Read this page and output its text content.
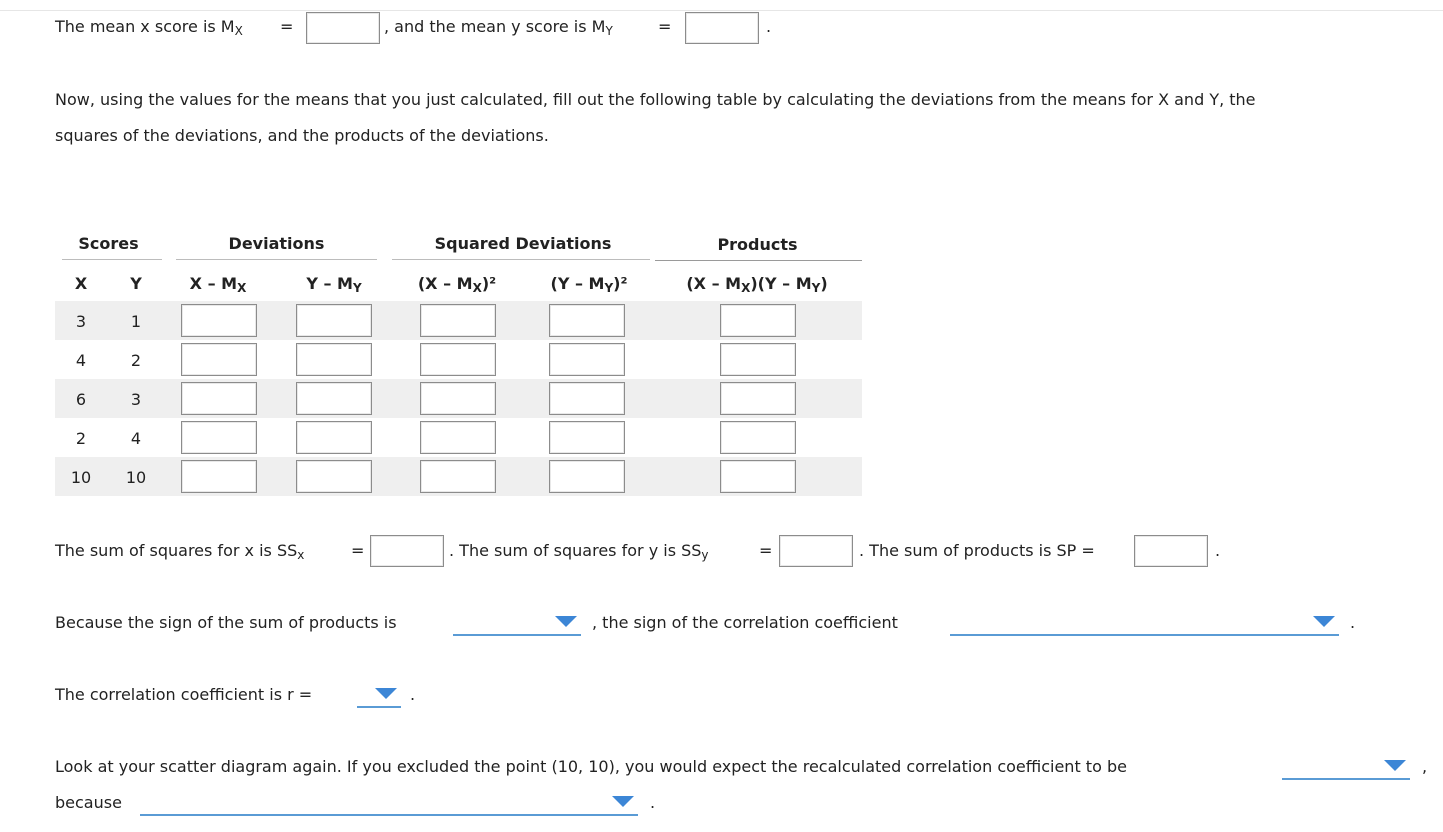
The mean x score is $M_X$ =	, and the mean y score is $M_Y$	=	.
Now, using the values for the means that you just calculated, fill out the following table by calculating the deviations from the means for X and Y, the
squares of the deviations, and the products of the deviations.
Scores	Deviations	Squared Deviations	Products
X	Y	X – $M_X$	Y – $M_Y$	$(X - M_X)^2$	$(Y - M_Y)^2$	$(X - M_X)(Y - M_Y)$
3	1
4	2
6	3
2	4
10	10
The sum of squares for x is $SS_x$	=	. The sum of squares for y is $SS_y$	=	. The sum of products is SP =	.
Because the sign of the sum of products is	, the sign of the correlation coefficient	.
The correlation coefficient is r =	.
Look at your scatter diagram again. If you excluded the point (10, 10), you would expect the recalculated correlation coefficient to be	,
because	.
